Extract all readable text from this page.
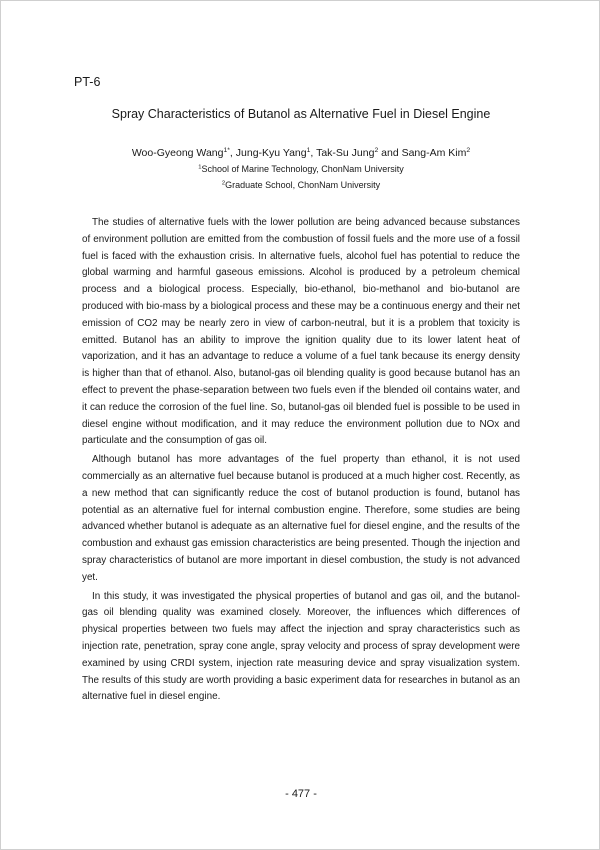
PT-6
Spray Characteristics of Butanol as Alternative Fuel in Diesel Engine
Woo-Gyeong Wang$^{1*}$, Jung-Kyu Yang$^1$, Tak-Su Jung$^2$ and Sang-Am Kim$^2$
$^1$School of Marine Technology, ChonNam University
$^2$Graduate School, ChonNam University

The studies of alternative fuels with the lower pollution are being advanced because substances of environment pollution are emitted from the combustion of fossil fuels and the more use of a fossil fuel is faced with the exhaustion crisis. In alternative fuels, alcohol fuel has potential to reduce the global warming and harmful gaseous emissions. Alcohol is produced by a petroleum chemical process and a biological process. Especially, bio-ethanol, bio-methanol and bio-butanol are produced with bio-mass by a biological process and these may be a continuous energy and their net emission of CO2 may be nearly zero in view of carbon-neutral, but it is a problem that toxicity is emitted. Butanol has an ability to improve the ignition quality due to its lower latent heat of vaporization, and it has an advantage to reduce a volume of a fuel tank because its energy density is higher than that of ethanol. Also, butanol-gas oil blending quality is good because butanol has an effect to prevent the phase-separation between two fuels even if the blended oil contains water, and it can reduce the corrosion of the fuel line. So, butanol-gas oil blended fuel is possible to be used in diesel engine without modification, and it may reduce the environment pollution due to NOx and particulate and the consumption of gas oil.

Although butanol has more advantages of the fuel property than ethanol, it is not used commercially as an alternative fuel because butanol is produced at a much higher cost. Recently, as a new method that can significantly reduce the cost of butanol production is found, butanol has potential as an alternative fuel for internal combustion engine. Therefore, some studies are being advanced whether butanol is adequate as an alternative fuel for diesel engine, and the results of the combustion and exhaust gas emission characteristics are being presented. Though the injection and spray characteristics of butanol are more important in diesel combustion, the study is not advanced yet.

In this study, it was investigated the physical properties of butanol and gas oil, and the butanol-gas oil blending quality was examined closely. Moreover, the influences which differences of physical properties between two fuels may affect the injection and spray characteristics such as injection rate, penetration, spray cone angle, spray velocity and process of spray development were examined by using CRDI system, injection rate measuring device and spray visualization system. The results of this study are worth providing a basic experiment data for researches in butanol as an alternative fuel in diesel engine.

- 477 -
